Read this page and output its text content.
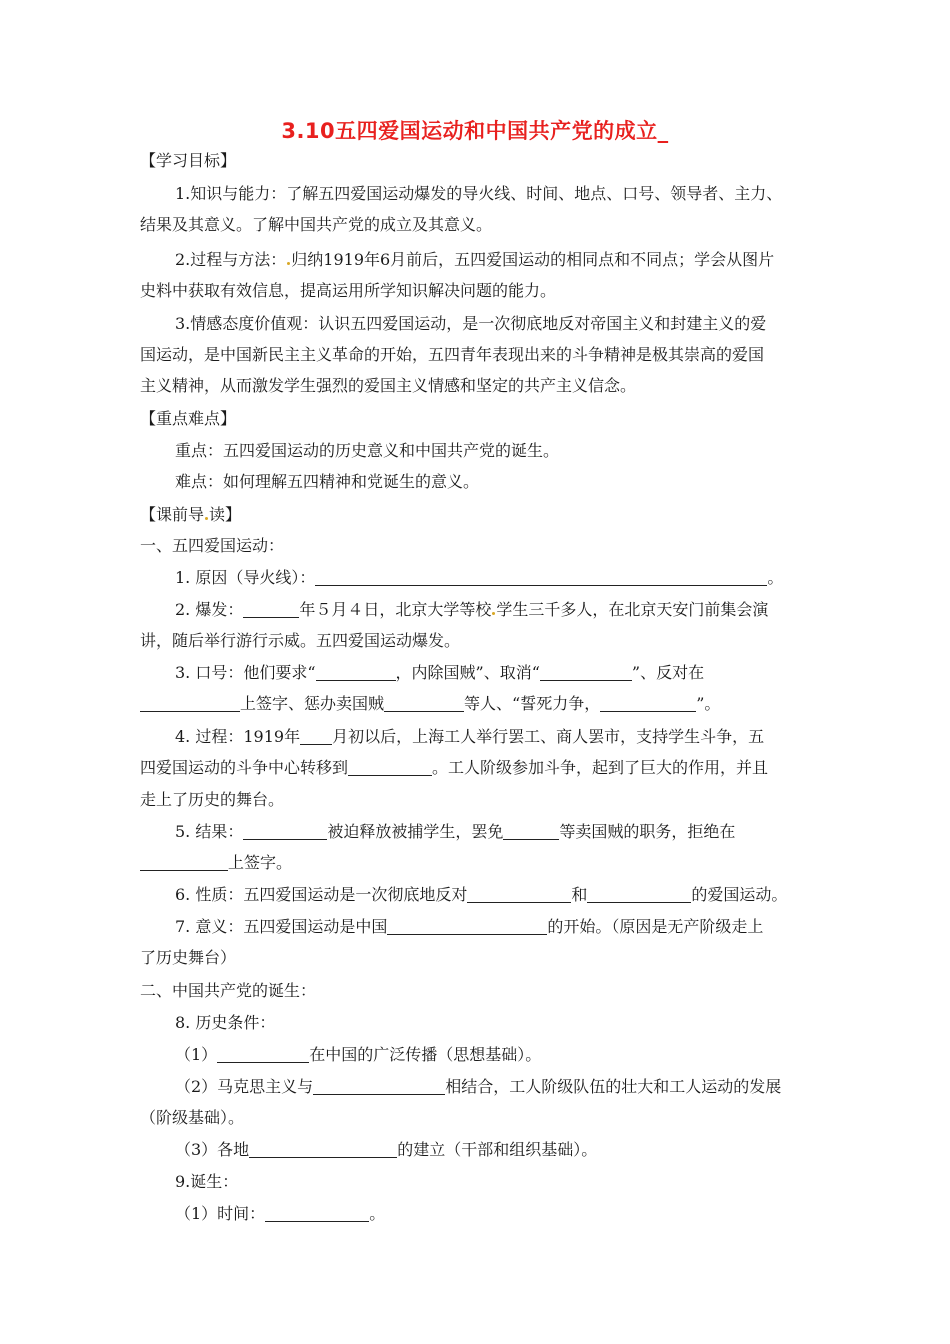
3.10五四爱国运动和中国共产党的成立_
【学习目标】
1.知识与能力：了解五四爱国运动爆发的导火线、时间、地点、口号、领导者、主力、
结果及其意义。了解中国共产党的成立及其意义。
2.过程与方法： 归纳1919年6月前后，五四爱国运动的相同点和不同点；学会从图片
史料中获取有效信息，提高运用所学知识解决问题的能力。
3.情感态度价值观：认识五四爱国运动，是一次彻底地反对帝国主义和封建主义的爱
国运动，是中国新民主主义革命的开始，五四青年表现出来的斗争精神是极其崇高的爱国
主义精神，从而激发学生强烈的爱国主义情感和坚定的共产主义信念。
【重点难点】
重点：五四爱国运动的历史意义和中国共产党的诞生。
难点：如何理解五四精神和党诞生的意义。
【课前导 读】
一、五四爱国运动：
1. 原因（导火线）：	。
2. 爆发：	年５月４日，北京大学等校 学生三千多人，在北京天安门前集会演
讲，随后举行游行示威。五四爱国运动爆发。
3. 口号：他们要求“	，内除国贼”、取消“	”、反对在
上签字、惩办卖国贼	等人、“誓死力争，	”。
4. 过程：1919年 月初以后，上海工人举行罢工、商人罢市，支持学生斗争，五
四爱国运动的斗争中心转移到	。工人阶级参加斗争，起到了巨大的作用，并且
走上了历史的舞台。
5. 结果：	被迫释放被捕学生，罢免	等卖国贼的职务，拒绝在
上签字。
6. 性质：五四爱国运动是一次彻底地反对	和	的爱国运动。
7. 意义：五四爱国运动是中国	的开始。（原因是无产阶级走上
了历史舞台）
二、中国共产党的诞生：
8. 历史条件：
（1）	在中国的广泛传播（思想基础）。
（2）马克思主义与	相结合，工人阶级队伍的壮大和工人运动的发展
（阶级基础）。
（3）各地	的建立（干部和组织基础）。
9.诞生：
（1）时间：	。
